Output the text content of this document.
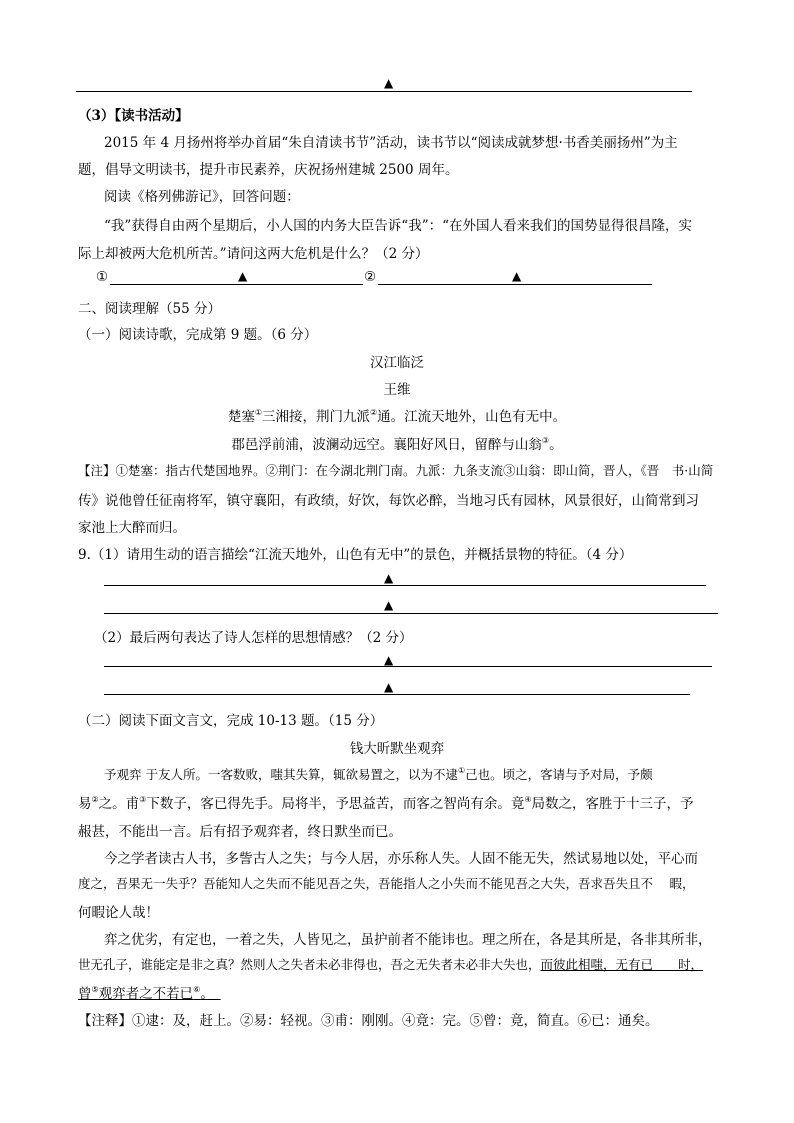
▲
（3）【读书活动】
2015 年 4 月扬州将举办首届“朱自清读书节”活动，读书节以“阅读成就梦想·书香美丽扬州”为主
题，倡导文明读书，提升市民素养，庆祝扬州建城 2500 周年。
阅读《格列佛游记》，回答问题：
“我”获得自由两个星期后，小人国的内务大臣告诉“我”：“在外国人看来我们的国势显得很昌隆，实
际上却被两大危机所苦。”请问这两大危机是什么？（2 分）
①	▲	②	▲
二、阅读理解（55 分）
（一）阅读诗歌，完成第 9 题。（6 分）
汉江临泛
王维
楚塞①三湘接，荆门九派②通。江流天地外，山色有无中。
郡邑浮前浦，波澜动远空。襄阳好风日，留醉与山翁③。
【注】①楚塞：指古代楚国地界。②荆门：在今湖北荆门南。九派：九条支流③山翁：即山简，晋人，《晋　书·山简
传》说他曾任征南将军，镇守襄阳，有政绩，好饮，每饮必醉，当地习氏有园林，风景很好，山简常到习
家池上大醉而归。
9.（1）请用生动的语言描绘“江流天地外，山色有无中”的景色，并概括景物的特征。（4 分）
▲
▲
（2）最后两句表达了诗人怎样的思想情感？（2 分）
▲
▲
（二）阅读下面文言文，完成 10-13 题。（15 分）
钱大昕默坐观弈
予观弈 于友人所。一客数败，嗤其失算，辄欲易置之，以为不逮①己也。顷之，客请与予对局，予颇
易②之。甫③下数子，客已得先手。局将半，予思益苦，而客之智尚有余。竟④局数之，客胜于十三子，予
赧甚，不能出一言。后有招予观弈者，终日默坐而已。
今之学者读古人书，多訾古人之失；与今人居，亦乐称人失。人固不能无失，然试易地以处，平心而
度之，吾果无一失乎？吾能知人之失而不能见吾之失，吾能指人之小失而不能见吾之大失，吾求吾失且不　 暇，
何暇论人哉！
弈之优劣，有定也，一着之失，人皆见之，虽护前者不能讳也。理之所在，各是其所是，各非其所非，
世无孔子，谁能定是非之真？然则人之失者未必非得也，吾之无失者未必非大失也，而彼此相嗤，无有已　　时，
曾⑤观弈者之不若已⑥。　
【注释】①逮：及，赶上。②易：轻视。③甫：刚刚。④竟：完。⑤曾：竟，简直。⑥已：通矣。
